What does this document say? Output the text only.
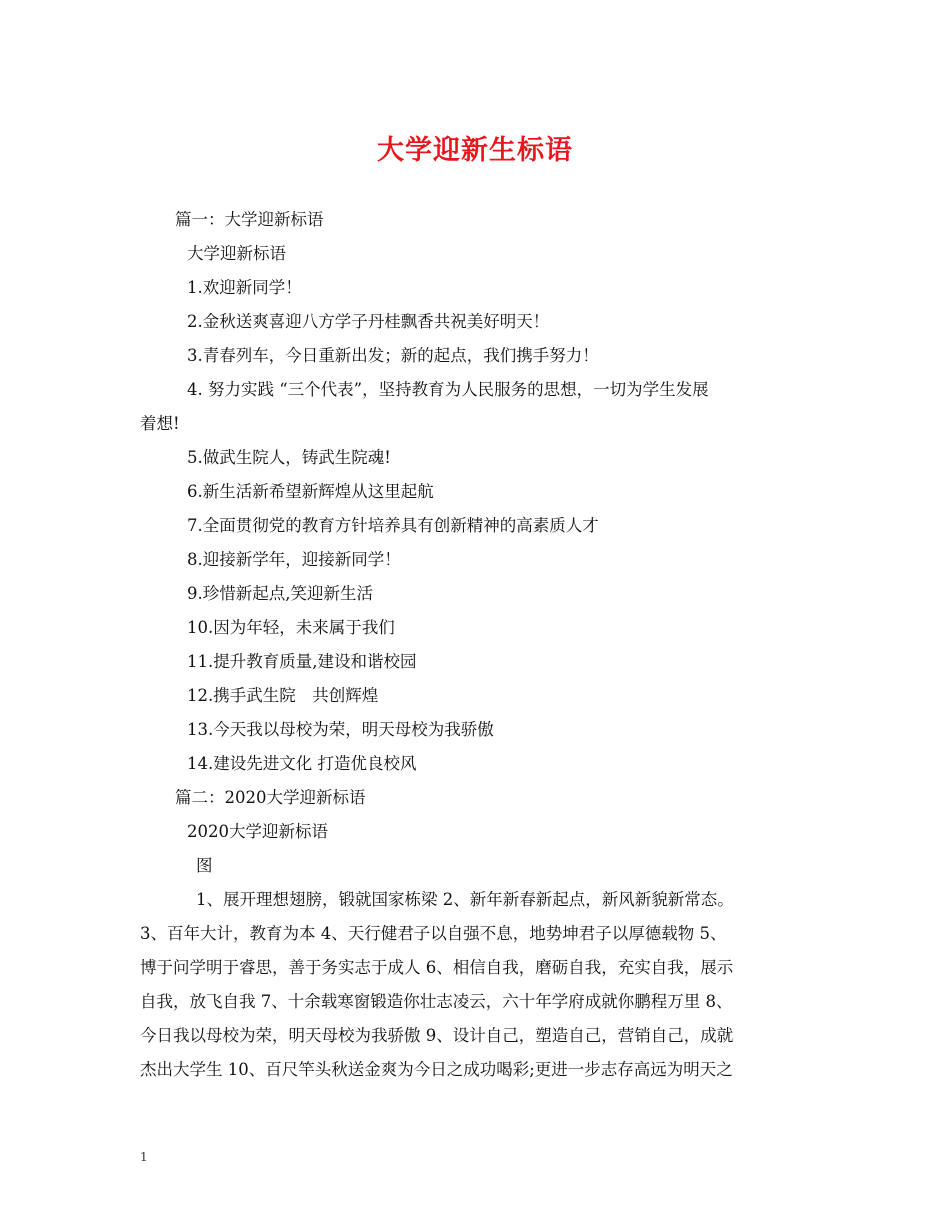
大学迎新生标语
篇一：大学迎新标语
大学迎新标语
1.欢迎新同学！
2.金秋送爽喜迎八方学子丹桂飘香共祝美好明天！
3.青春列车，今日重新出发；新的起点，我们携手努力！
4. 努力实践 “三个代表”，坚持教育为人民服务的思想，一切为学生发展
着想!
5.做武生院人，铸武生院魂!
6.新生活新希望新辉煌从这里起航
7.全面贯彻党的教育方针培养具有创新精神的高素质人才
8.迎接新学年，迎接新同学！
9.珍惜新起点,笑迎新生活
10.因为年轻，未来属于我们
11.提升教育质量,建设和谐校园
12.携手武生院　共创辉煌
13.今天我以母校为荣，明天母校为我骄傲
14.建设先进文化 打造优良校风
篇二：2020大学迎新标语
2020大学迎新标语
图
1、展开理想翅膀，锻就国家栋梁 2、新年新春新起点，新风新貌新常态。
3、百年大计，教育为本 4、天行健君子以自强不息，地势坤君子以厚德载物 5、
博于问学明于睿思，善于务实志于成人 6、相信自我，磨砺自我，充实自我，展示
自我，放飞自我 7、十余载寒窗锻造你壮志凌云，六十年学府成就你鹏程万里 8、
今日我以母校为荣，明天母校为我骄傲 9、设计自己，塑造自己，营销自己，成就
杰出大学生 10、百尺竿头秋送金爽为今日之成功喝彩;更进一步志存高远为明天之
1
